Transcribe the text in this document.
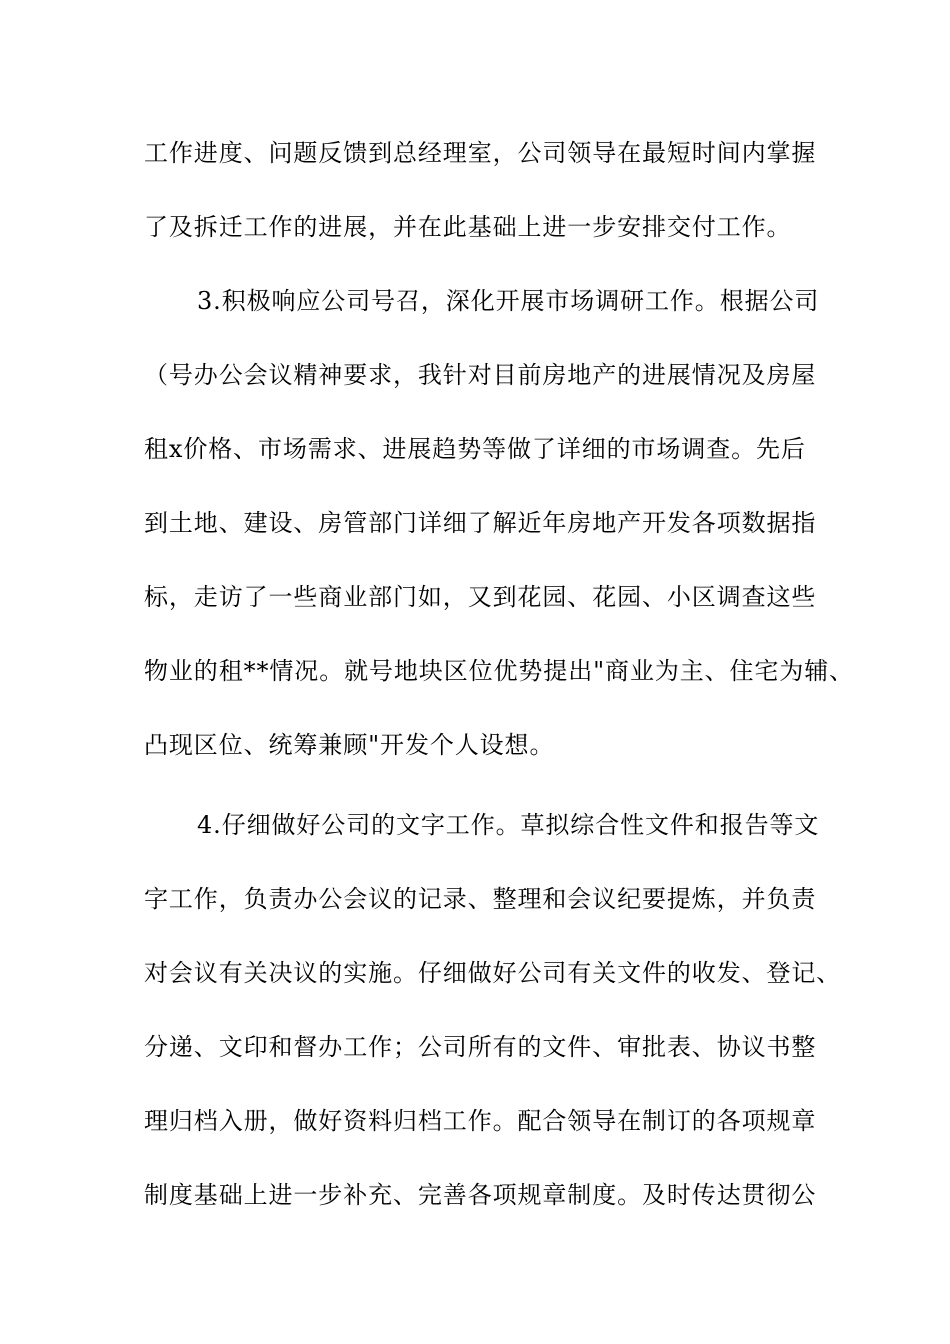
工作进度、问题反馈到总经理室，公司领导在最短时间内掌握
了及拆迁工作的进展，并在此基础上进一步安排交付工作。
3.积极响应公司号召，深化开展市场调研工作。根据公司
（号办公会议精神要求，我针对目前房地产的进展情况及房屋
租x价格、市场需求、进展趋势等做了详细的市场调查。先后
到土地、建设、房管部门详细了解近年房地产开发各项数据指
标，走访了一些商业部门如，又到花园、花园、小区调查这些
物业的租**情况。就号地块区位优势提出"商业为主、住宅为辅、
凸现区位、统筹兼顾"开发个人设想。
4.仔细做好公司的文字工作。草拟综合性文件和报告等文
字工作，负责办公会议的记录、整理和会议纪要提炼，并负责
对会议有关决议的实施。仔细做好公司有关文件的收发、登记、
分递、文印和督办工作；公司所有的文件、审批表、协议书整
理归档入册，做好资料归档工作。配合领导在制订的各项规章
制度基础上进一步补充、完善各项规章制度。及时传达贯彻公
